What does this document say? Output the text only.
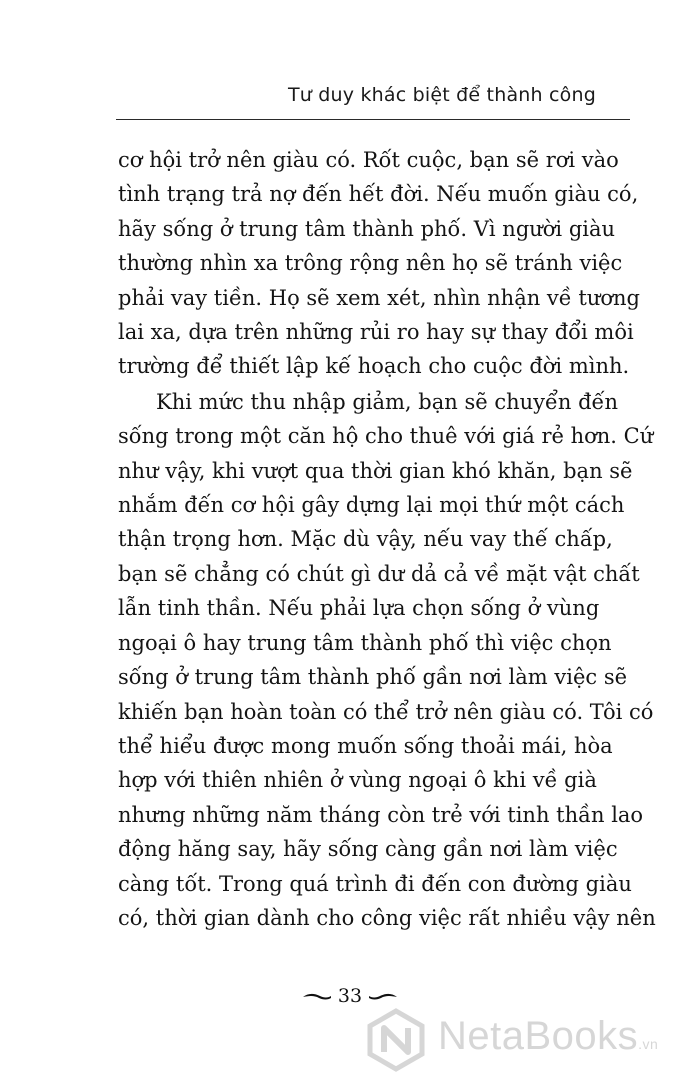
Tư duy khác biệt để thành công
cơ hội trở nên giàu có. Rốt cuộc, bạn sẽ rơi vào
tình trạng trả nợ đến hết đời. Nếu muốn giàu có,
hãy sống ở trung tâm thành phố. Vì người giàu
thường nhìn xa trông rộng nên họ sẽ tránh việc
phải vay tiền. Họ sẽ xem xét, nhìn nhận về tương
lai xa, dựa trên những rủi ro hay sự thay đổi môi
trường để thiết lập kế hoạch cho cuộc đời mình.
Khi mức thu nhập giảm, bạn sẽ chuyển đến
sống trong một căn hộ cho thuê với giá rẻ hơn. Cứ
như vậy, khi vượt qua thời gian khó khăn, bạn sẽ
nhắm đến cơ hội gây dựng lại mọi thứ một cách
thận trọng hơn. Mặc dù vậy, nếu vay thế chấp,
bạn sẽ chẳng có chút gì dư dả cả về mặt vật chất
lẫn tinh thần. Nếu phải lựa chọn sống ở vùng
ngoại ô hay trung tâm thành phố thì việc chọn
sống ở trung tâm thành phố gần nơi làm việc sẽ
khiến bạn hoàn toàn có thể trở nên giàu có. Tôi có
thể hiểu được mong muốn sống thoải mái, hòa
hợp với thiên nhiên ở vùng ngoại ô khi về già
nhưng những năm tháng còn trẻ với tinh thần lao
động hăng say, hãy sống càng gần nơi làm việc
càng tốt. Trong quá trình đi đến con đường giàu
có, thời gian dành cho công việc rất nhiều vậy nên
33
NetaBooks.vn
